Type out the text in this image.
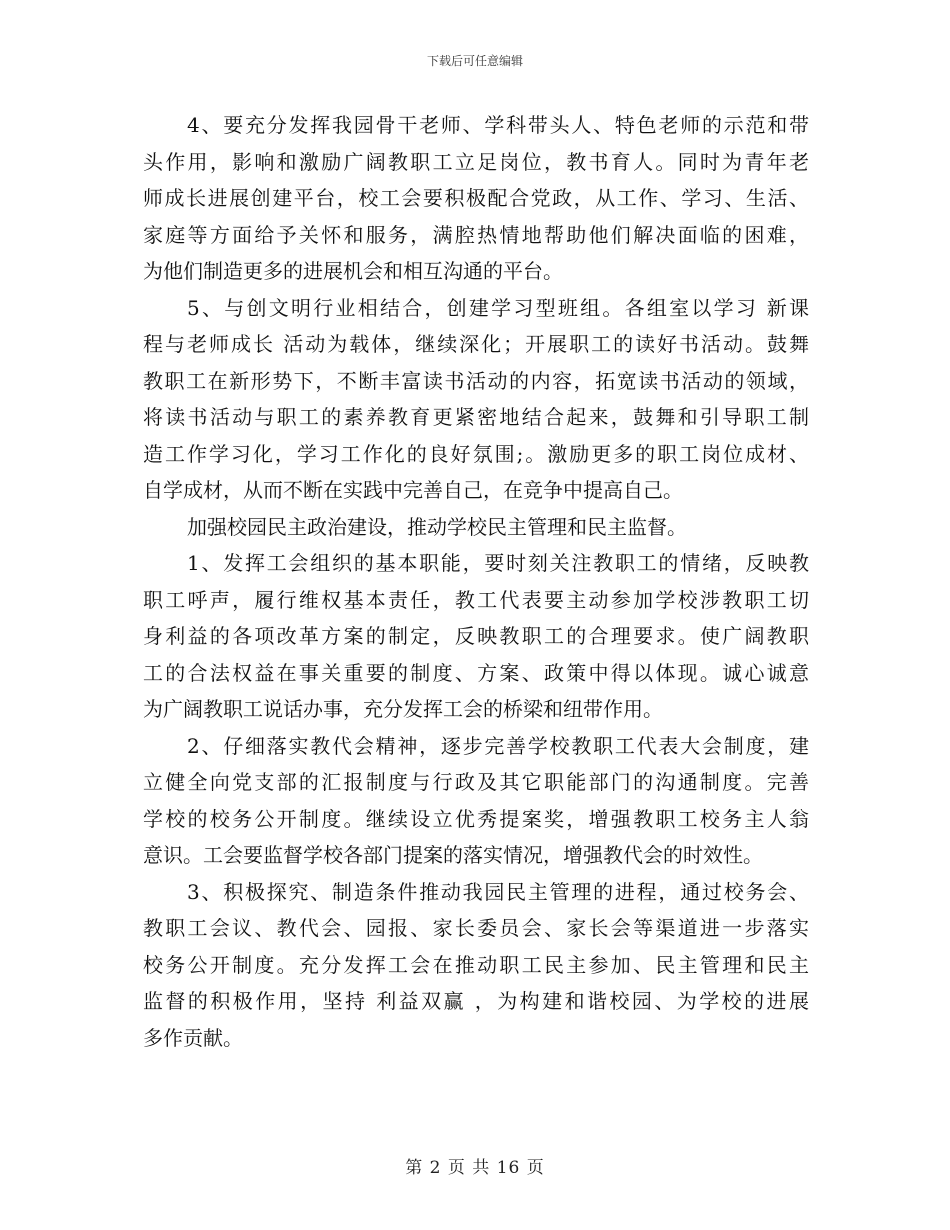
下载后可任意编辑

4、要充分发挥我园骨干老师、学科带头人、特色老师的示范和带
头作用，影响和激励广阔教职工立足岗位，教书育人。同时为青年老
师成长进展创建平台，校工会要积极配合党政，从工作、学习、生活、
家庭等方面给予关怀和服务，满腔热情地帮助他们解决面临的困难，
为他们制造更多的进展机会和相互沟通的平台。

5、与创文明行业相结合，创建学习型班组。各组室以学习 新课
程与老师成长 活动为载体，继续深化；开展职工的读好书活动。鼓舞
教职工在新形势下，不断丰富读书活动的内容，拓宽读书活动的领域，
将读书活动与职工的素养教育更紧密地结合起来，鼓舞和引导职工制
造工作学习化，学习工作化的良好氛围;。激励更多的职工岗位成材、
自学成材，从而不断在实践中完善自己，在竞争中提高自己。

加强校园民主政治建设，推动学校民主管理和民主监督。

1、发挥工会组织的基本职能，要时刻关注教职工的情绪，反映教
职工呼声，履行维权基本责任，教工代表要主动参加学校涉教职工切
身利益的各项改革方案的制定，反映教职工的合理要求。使广阔教职
工的合法权益在事关重要的制度、方案、政策中得以体现。诚心诚意
为广阔教职工说话办事，充分发挥工会的桥梁和纽带作用。

2、仔细落实教代会精神，逐步完善学校教职工代表大会制度，建
立健全向党支部的汇报制度与行政及其它职能部门的沟通制度。完善
学校的校务公开制度。继续设立优秀提案奖，增强教职工校务主人翁
意识。工会要监督学校各部门提案的落实情况，增强教代会的时效性。

3、积极探究、制造条件推动我园民主管理的进程，通过校务会、
教职工会议、教代会、园报、家长委员会、家长会等渠道进一步落实
校务公开制度。充分发挥工会在推动职工民主参加、民主管理和民主
监督的积极作用，坚持 利益双赢 ，为构建和谐校园、为学校的进展
多作贡献。

第 2 页 共 16 页
